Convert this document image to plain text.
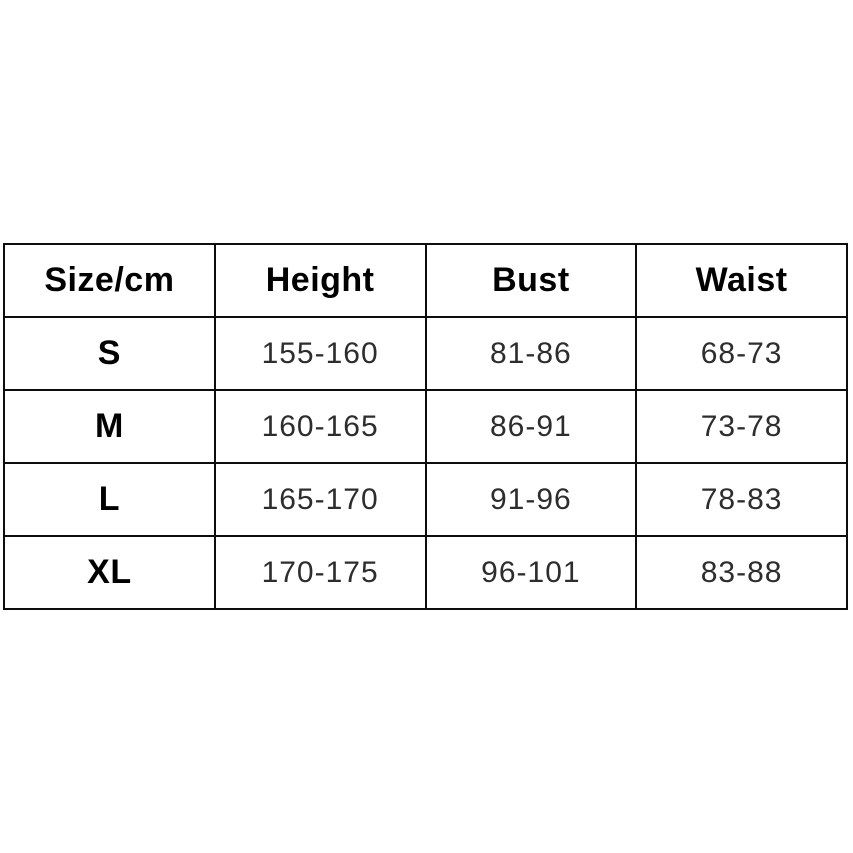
Size/cm	Height	Bust	Waist
S	155-160	81-86	68-73
M	160-165	86-91	73-78
L	165-170	91-96	78-83
XL	170-175	96-101	83-88
